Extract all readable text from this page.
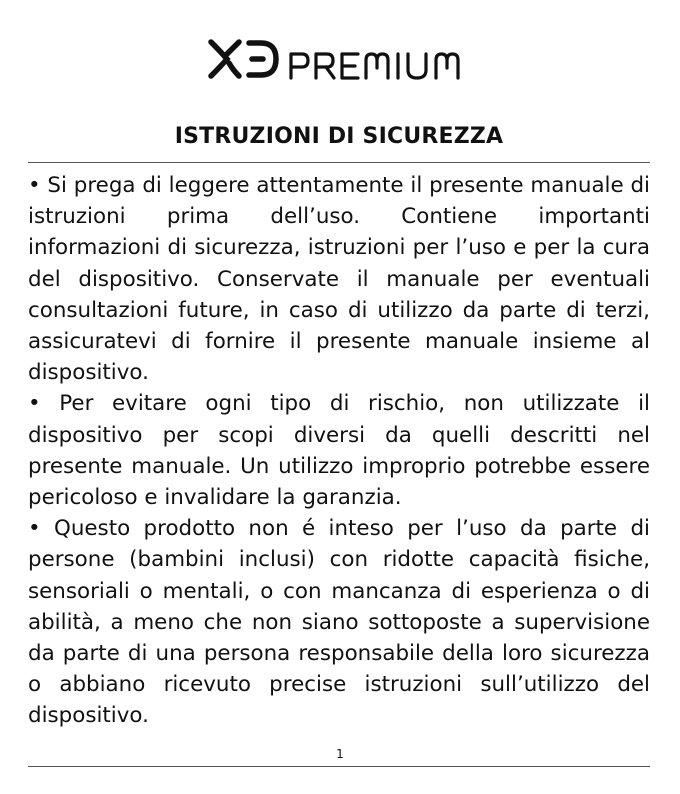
ISTRUZIONI DI SICUREZZA

• Si prega di leggere attentamente il presente manuale di istruzioni prima dell’uso. Contiene importanti informazioni di sicurezza, istruzioni per l’uso e per la cura del dispositivo. Conservate il manuale per eventuali consultazioni future, in caso di utilizzo da parte di terzi, assicuratevi di fornire il presente manuale insieme al dispositivo.

• Per evitare ogni tipo di rischio, non utilizzate il dispositivo per scopi diversi da quelli descritti nel presente manuale. Un utilizzo improprio potrebbe essere pericoloso e invalidare la garanzia.

• Questo prodotto non é inteso per l’uso da parte di persone (bambini inclusi) con ridotte capacità fisiche, sensoriali o mentali, o con mancanza di esperienza o di abilità, a meno che non siano sottoposte a supervisione da parte di una persona responsabile della loro sicurezza o abbiano ricevuto precise istruzioni sull’utilizzo del dispositivo.

1
